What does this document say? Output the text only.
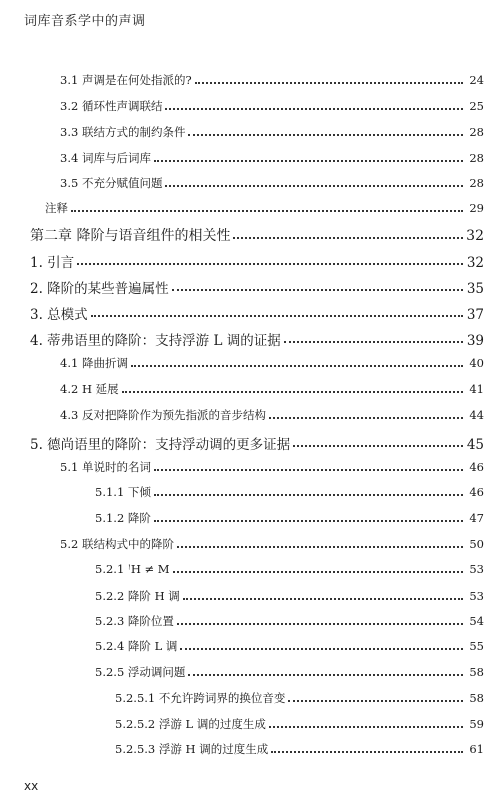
词库音系学中的声调
3.1 声调是在何处指派的?	24
3.2 循环性声调联结	25
3.3 联结方式的制约条件	28
3.4 词库与后词库	28
3.5 不充分赋值问题	28
注释	29
第二章 降阶与语音组件的相关性	32
1. 引言	32
2. 降阶的某些普遍属性	35
3. 总模式	37
4. 蒂弗语里的降阶：支持浮游 L 调的证据	39
4.1 降曲折调	40
4.2 H 延展	41
4.3 反对把降阶作为预先指派的音步结构	44
5. 德尚语里的降阶：支持浮动调的更多证据	45
5.1 单说时的名词	46
5.1.1 下倾	46
5.1.2 降阶	47
5.2 联结构式中的降阶	50
5.2.1 ꜝH ≠ M	53
5.2.2 降阶 H 调	53
5.2.3 降阶位置	54
5.2.4 降阶 L 调	55
5.2.5 浮动调问题	58
5.2.5.1 不允许跨词界的换位音变	58
5.2.5.2 浮游 L 调的过度生成	59
5.2.5.3 浮游 H 调的过度生成	61
xx
